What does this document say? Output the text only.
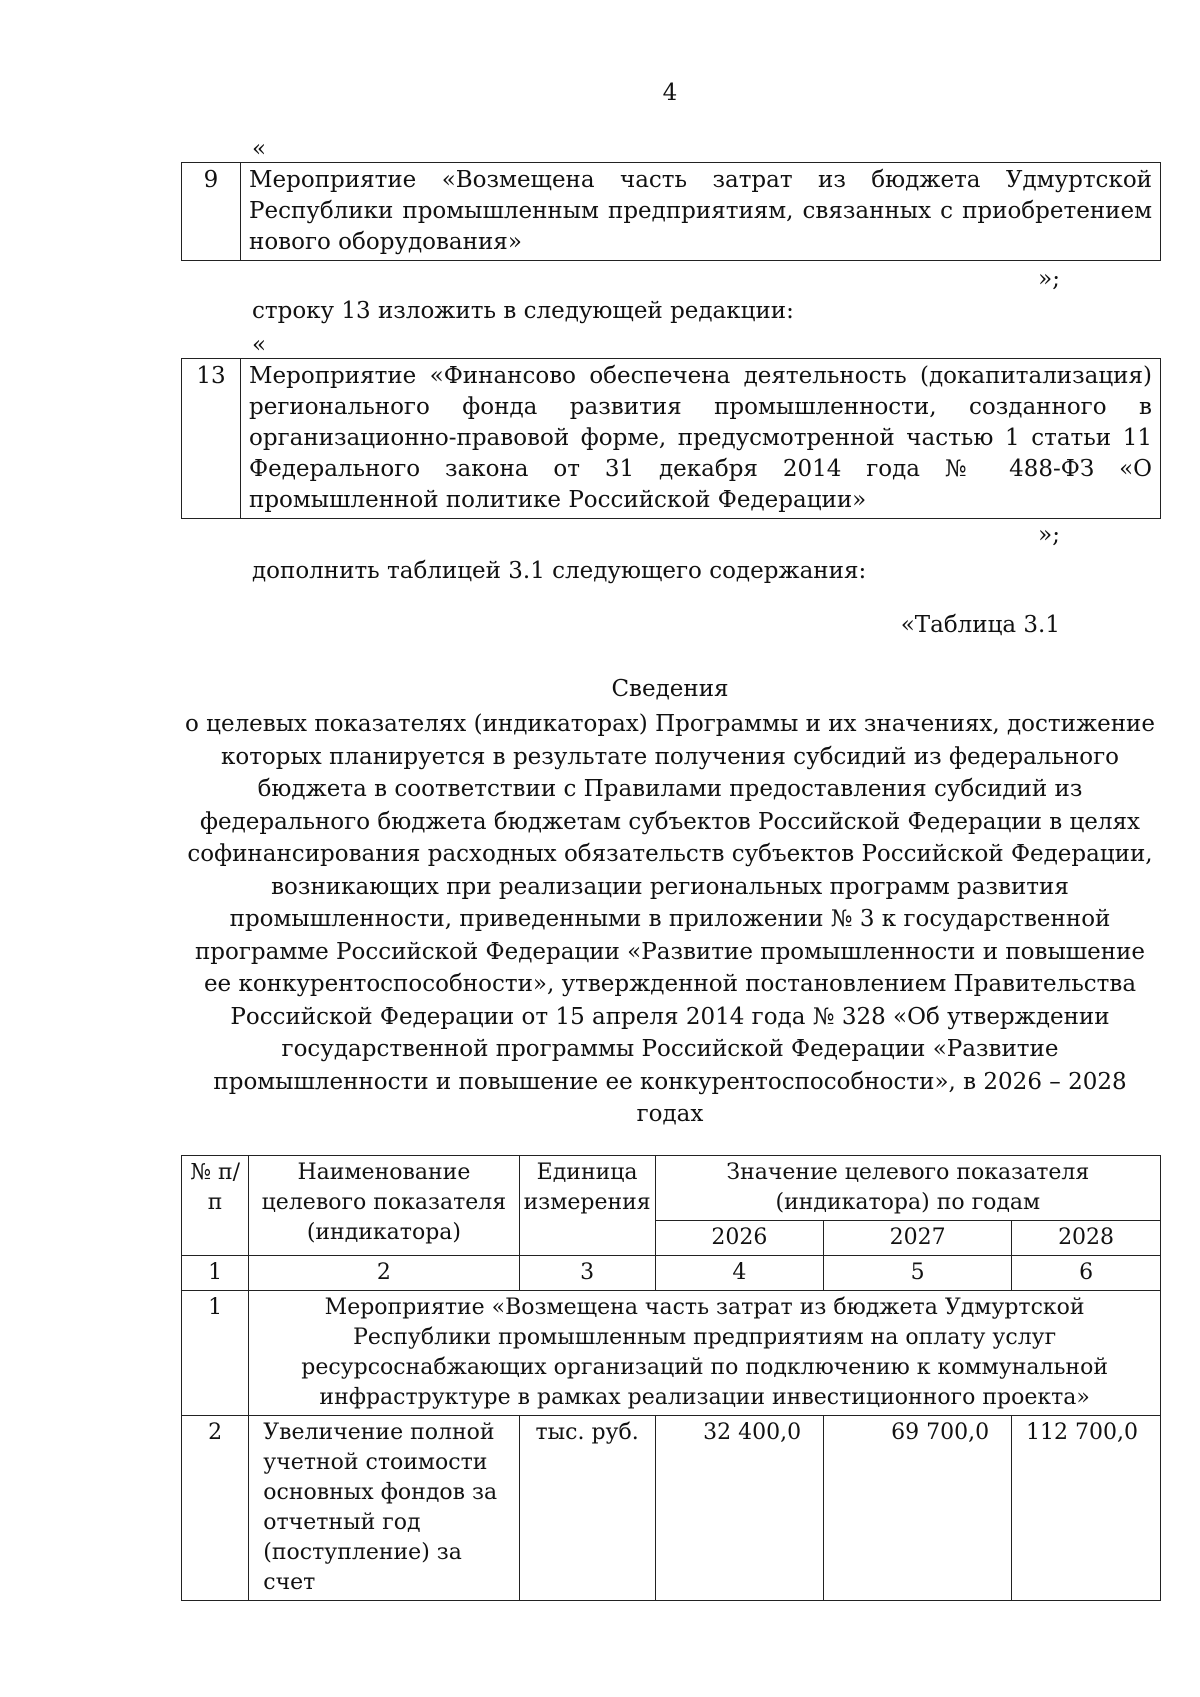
4
«
9	Мероприятие «Возмещена часть затрат из бюджета Удмуртской Республики промышленным предприятиям, связанных с приобретением нового оборудования»
»;
строку 13 изложить в следующей редакции:
«
13	Мероприятие «Финансово обеспечена деятельность (докапитализация) регионального фонда развития промышленности, созданного в организационно-правовой форме, предусмотренной частью 1 статьи 11 Федерального закона от 31 декабря 2014 года № 488-ФЗ «О промышленной политике Российской Федерации»
»;
дополнить таблицей 3.1 следующего содержания:
«Таблица 3.1
Сведения
о целевых показателях (индикаторах) Программы и их значениях, достижение которых планируется в результате получения субсидий из федерального бюджета в соответствии с Правилами предоставления субсидий из федерального бюджета бюджетам субъектов Российской Федерации в целях софинансирования расходных обязательств субъектов Российской Федерации, возникающих при реализации региональных программ развития промышленности, приведенными в приложении № 3 к государственной программе Российской Федерации «Развитие промышленности и повышение ее конкурентоспособности», утвержденной постановлением Правительства Российской Федерации от 15 апреля 2014 года № 328 «Об утверждении государственной программы Российской Федерации «Развитие промышленности и повышение ее конкурентоспособности», в 2026 – 2028 годах
№ п/п	Наименование целевого показателя (индикатора)	Единица измерения	Значение целевого показателя (индикатора) по годам		
			2026	2027	2028
1	2	3	4	5	6
1	Мероприятие «Возмещена часть затрат из бюджета Удмуртской Республики промышленным предприятиям на оплату услуг ресурсоснабжающих организаций по подключению к коммунальной инфраструктуре в рамках реализации инвестиционного проекта»				
2	Увеличение полной учетной стоимости основных фондов за отчетный год (поступление) за счет	тыс. руб.	32 400,0	69 700,0	112 700,0
